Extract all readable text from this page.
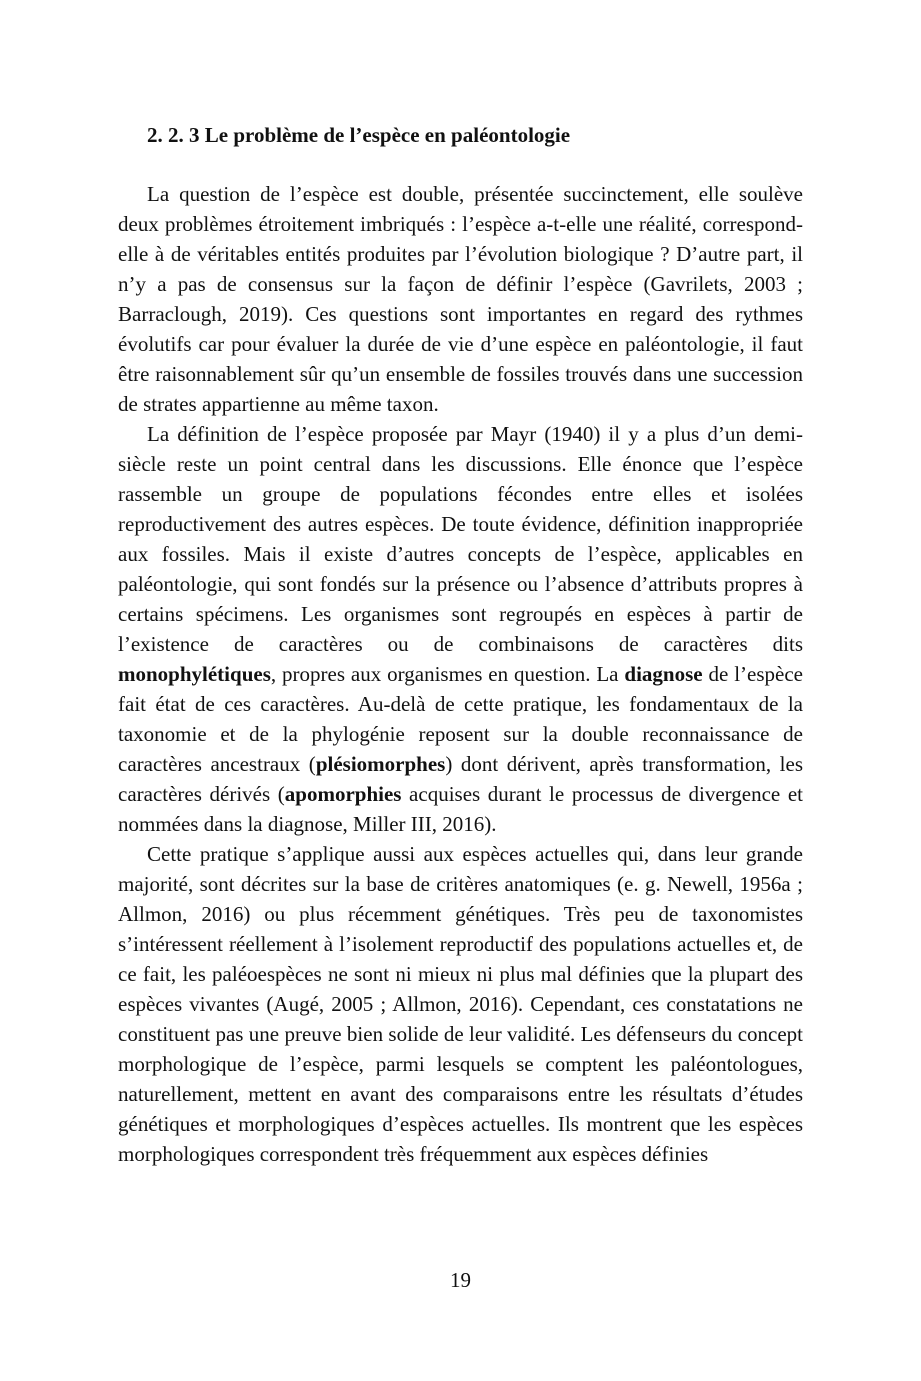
2. 2. 3 Le problème de l’espèce en paléontologie

La question de l’espèce est double, présentée succinctement, elle soulève deux problèmes étroitement imbriqués : l’espèce a-t-elle une réalité, correspond-elle à de véritables entités produites par l’évolution biologique ? D’autre part, il n’y a pas de consensus sur la façon de définir l’espèce (Gavrilets, 2003 ; Barraclough, 2019). Ces questions sont importantes en regard des rythmes évolutifs car pour évaluer la durée de vie d’une espèce en paléontologie, il faut être raisonnablement sûr qu’un ensemble de fossiles trouvés dans une succession de strates appartienne au même taxon.

La définition de l’espèce proposée par Mayr (1940) il y a plus d’un demi-siècle reste un point central dans les discussions. Elle énonce que l’espèce rassemble un groupe de populations fécondes entre elles et isolées reproductivement des autres espèces. De toute évidence, définition inappropriée aux fossiles. Mais il existe d’autres concepts de l’espèce, applicables en paléontologie, qui sont fondés sur la présence ou l’absence d’attributs propres à certains spécimens. Les organismes sont regroupés en espèces à partir de l’existence de caractères ou de combinaisons de caractères dits monophylétiques, propres aux organismes en question. La diagnose de l’espèce fait état de ces caractères. Au-delà de cette pratique, les fondamentaux de la taxonomie et de la phylogénie reposent sur la double reconnaissance de caractères ancestraux (plésiomorphes) dont dérivent, après transformation, les caractères dérivés (apomorphies acquises durant le processus de divergence et nommées dans la diagnose, Miller III, 2016).

Cette pratique s’applique aussi aux espèces actuelles qui, dans leur grande majorité, sont décrites sur la base de critères anatomiques (e. g. Newell, 1956a ; Allmon, 2016) ou plus récemment génétiques. Très peu de taxonomistes s’intéressent réellement à l’isolement reproductif des populations actuelles et, de ce fait, les paléoespèces ne sont ni mieux ni plus mal définies que la plupart des espèces vivantes (Augé, 2005 ; Allmon, 2016). Cependant, ces constatations ne constituent pas une preuve bien solide de leur validité. Les défenseurs du concept morphologique de l’espèce, parmi lesquels se comptent les paléontologues, naturellement, mettent en avant des comparaisons entre les résultats d’études génétiques et morphologiques d’espèces actuelles. Ils montrent que les espèces morphologiques correspondent très fréquemment aux espèces définies

19
